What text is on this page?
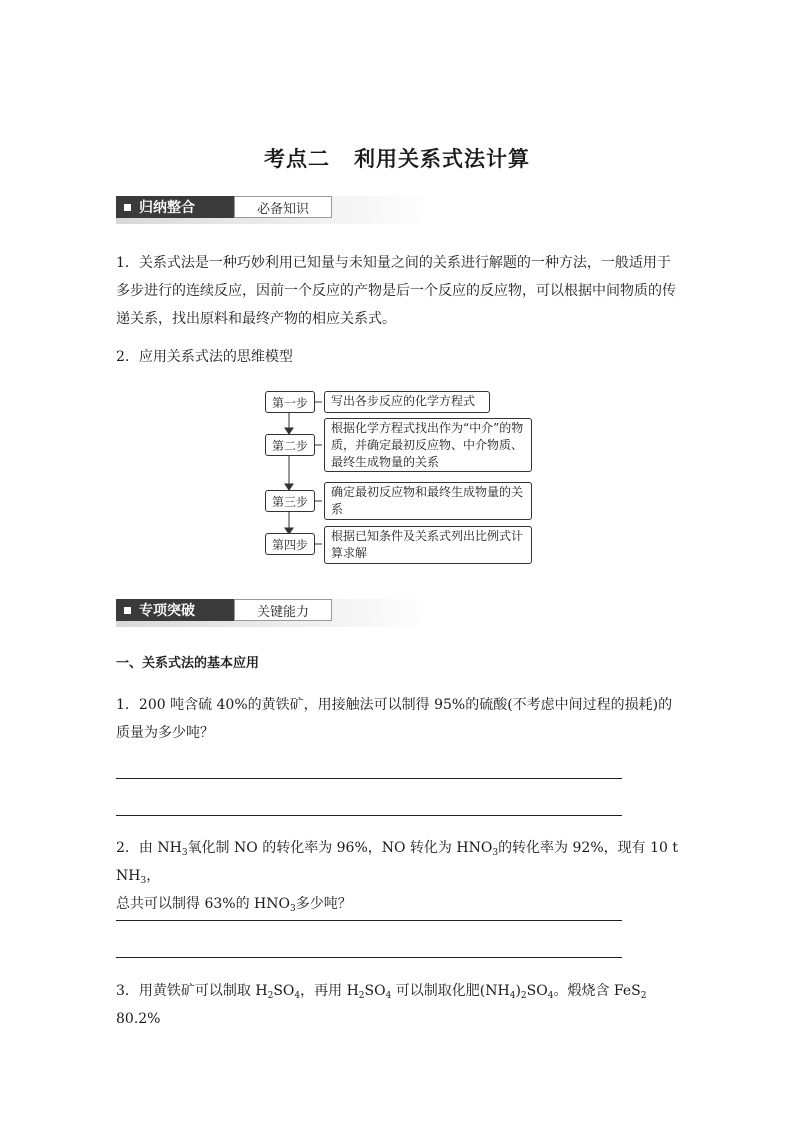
考点二 利用关系式法计算
归纳整合	必备知识
1．关系式法是一种巧妙利用已知量与未知量之间的关系进行解题的一种方法，一般适用于多步进行的连续反应，因前一个反应的产物是后一个反应的反应物，可以根据中间物质的传递关系，找出原料和最终产物的相应关系式。
2．应用关系式法的思维模型
第一步
第二步
第三步
第四步
写出各步反应的化学方程式
根据化学方程式找出作为“中介”的物质，并确定最初反应物、中介物质、最终生成物量的关系
确定最初反应物和最终生成物量的关系
根据已知条件及关系式列出比例式计算求解
专项突破	关键能力
一、关系式法的基本应用
1．200 吨含硫 40%的黄铁矿，用接触法可以制得 95%的硫酸(不考虑中间过程的损耗)的质量为多少吨？
2．由 $NH_3$氧化制 NO 的转化率为 96%，NO 转化为 $HNO_3$的转化率为 92%，现有 10 t $NH_3$，
总共可以制得 63%的 $HNO_3$多少吨？
3．用黄铁矿可以制取 $H_2SO_4$，再用 $H_2SO_4$ 可以制取化肥$(NH_4)_2SO_4$。煅烧含 FeS$_2$ 80.2%
